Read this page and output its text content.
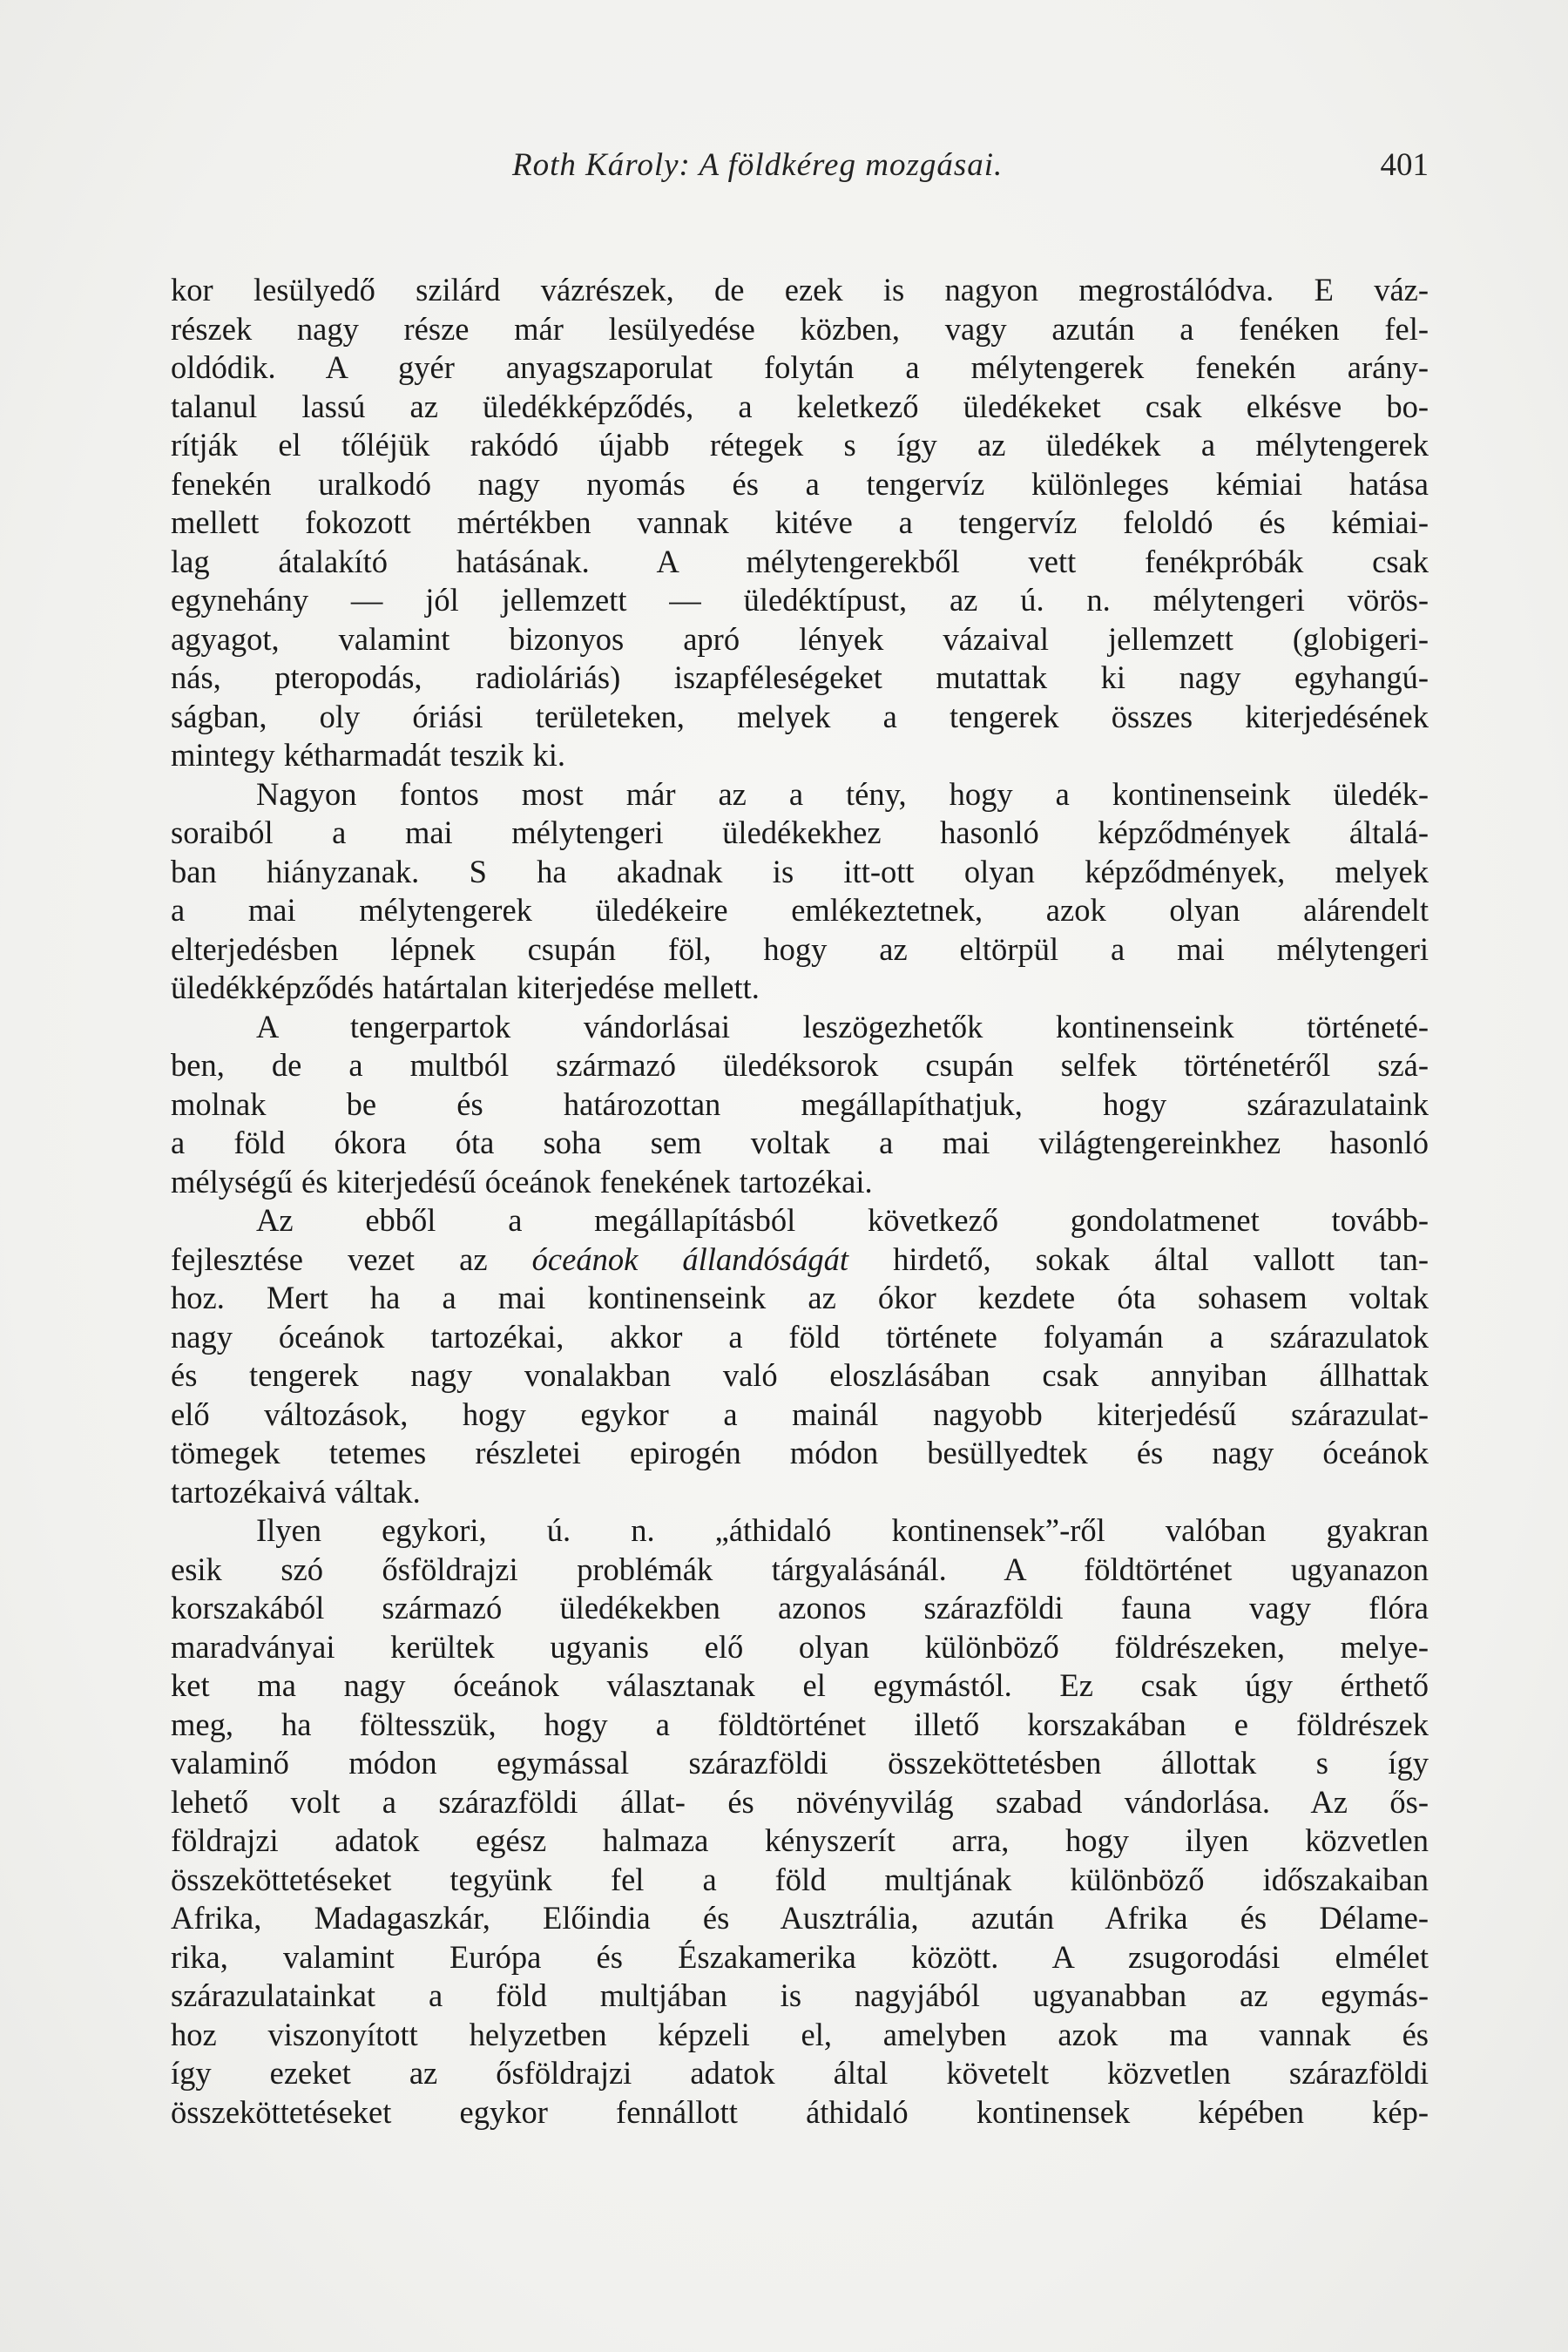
Roth Károly: A földkéreg mozgásai.	401
kor lesülyedő szilárd vázrészek, de ezek is nagyon megrostálódva. E váz-
részek nagy része már lesülyedése közben, vagy azután a fenéken fel-
oldódik. A gyér anyagszaporulat folytán a mélytengerek fenekén arány-
talanul lassú az üledékképződés, a keletkező üledékeket csak elkésve bo-
rítják el tőléjük rakódó újabb rétegek s így az üledékek a mélytengerek
fenekén uralkodó nagy nyomás és a tengervíz különleges kémiai hatása
mellett fokozott mértékben vannak kitéve a tengervíz feloldó és kémiai-
lag átalakító hatásának. A mélytengerekből vett fenékpróbák csak
egynehány — jól jellemzett — üledéktípust, az ú. n. mélytengeri vörös-
agyagot, valamint bizonyos apró lények vázaival jellemzett (globigeri-
nás, pteropodás, radioláriás) iszapféleségeket mutattak ki nagy egyhangú-
ságban, oly óriási területeken, melyek a tengerek összes kiterjedésének
mintegy kétharmadát teszik ki.
Nagyon fontos most már az a tény, hogy a kontinenseink üledék-
soraiból a mai mélytengeri üledékekhez hasonló képződmények általá-
ban hiányzanak. S ha akadnak is itt-ott olyan képződmények, melyek
a mai mélytengerek üledékeire emlékeztetnek, azok olyan alárendelt
elterjedésben lépnek csupán föl, hogy az eltörpül a mai mélytengeri
üledékképződés határtalan kiterjedése mellett.
A tengerpartok vándorlásai leszögezhetők kontinenseink történeté-
ben, de a multból származó üledéksorok csupán selfek történetéről szá-
molnak be és határozottan megállapíthatjuk, hogy szárazulataink
a föld ókora óta soha sem voltak a mai világtengereinkhez hasonló
mélységű és kiterjedésű óceánok fenekének tartozékai.
Az ebből a megállapításból következő gondolatmenet tovább-
fejlesztése vezet az óceánok állandóságát hirdető, sokak által vallott tan-
hoz. Mert ha a mai kontinenseink az ókor kezdete óta sohasem voltak
nagy óceánok tartozékai, akkor a föld története folyamán a szárazulatok
és tengerek nagy vonalakban való eloszlásában csak annyiban állhattak
elő változások, hogy egykor a mainál nagyobb kiterjedésű szárazulat-
tömegek tetemes részletei epirogén módon besüllyedtek és nagy óceánok
tartozékaivá váltak.
Ilyen egykori, ú. n. „áthidaló kontinensek”-ről valóban gyakran
esik szó ősföldrajzi problémák tárgyalásánál. A földtörténet ugyanazon
korszakából származó üledékekben azonos szárazföldi fauna vagy flóra
maradványai kerültek ugyanis elő olyan különböző földrészeken, melye-
ket ma nagy óceánok választanak el egymástól. Ez csak úgy érthető
meg, ha föltesszük, hogy a földtörténet illető korszakában e földrészek
valaminő módon egymással szárazföldi összeköttetésben állottak s így
lehető volt a szárazföldi állat- és növényvilág szabad vándorlása. Az ős-
földrajzi adatok egész halmaza kényszerít arra, hogy ilyen közvetlen
összeköttetéseket tegyünk fel a föld multjának különböző időszakaiban
Afrika, Madagaszkár, Előindia és Ausztrália, azután Afrika és Délame-
rika, valamint Európa és Északamerika között. A zsugorodási elmélet
szárazulatainkat a föld multjában is nagyjából ugyanabban az egymás-
hoz viszonyított helyzetben képzeli el, amelyben azok ma vannak és
így ezeket az ősföldrajzi adatok által követelt közvetlen szárazföldi
összeköttetéseket egykor fennállott áthidaló kontinensek képében kép-
